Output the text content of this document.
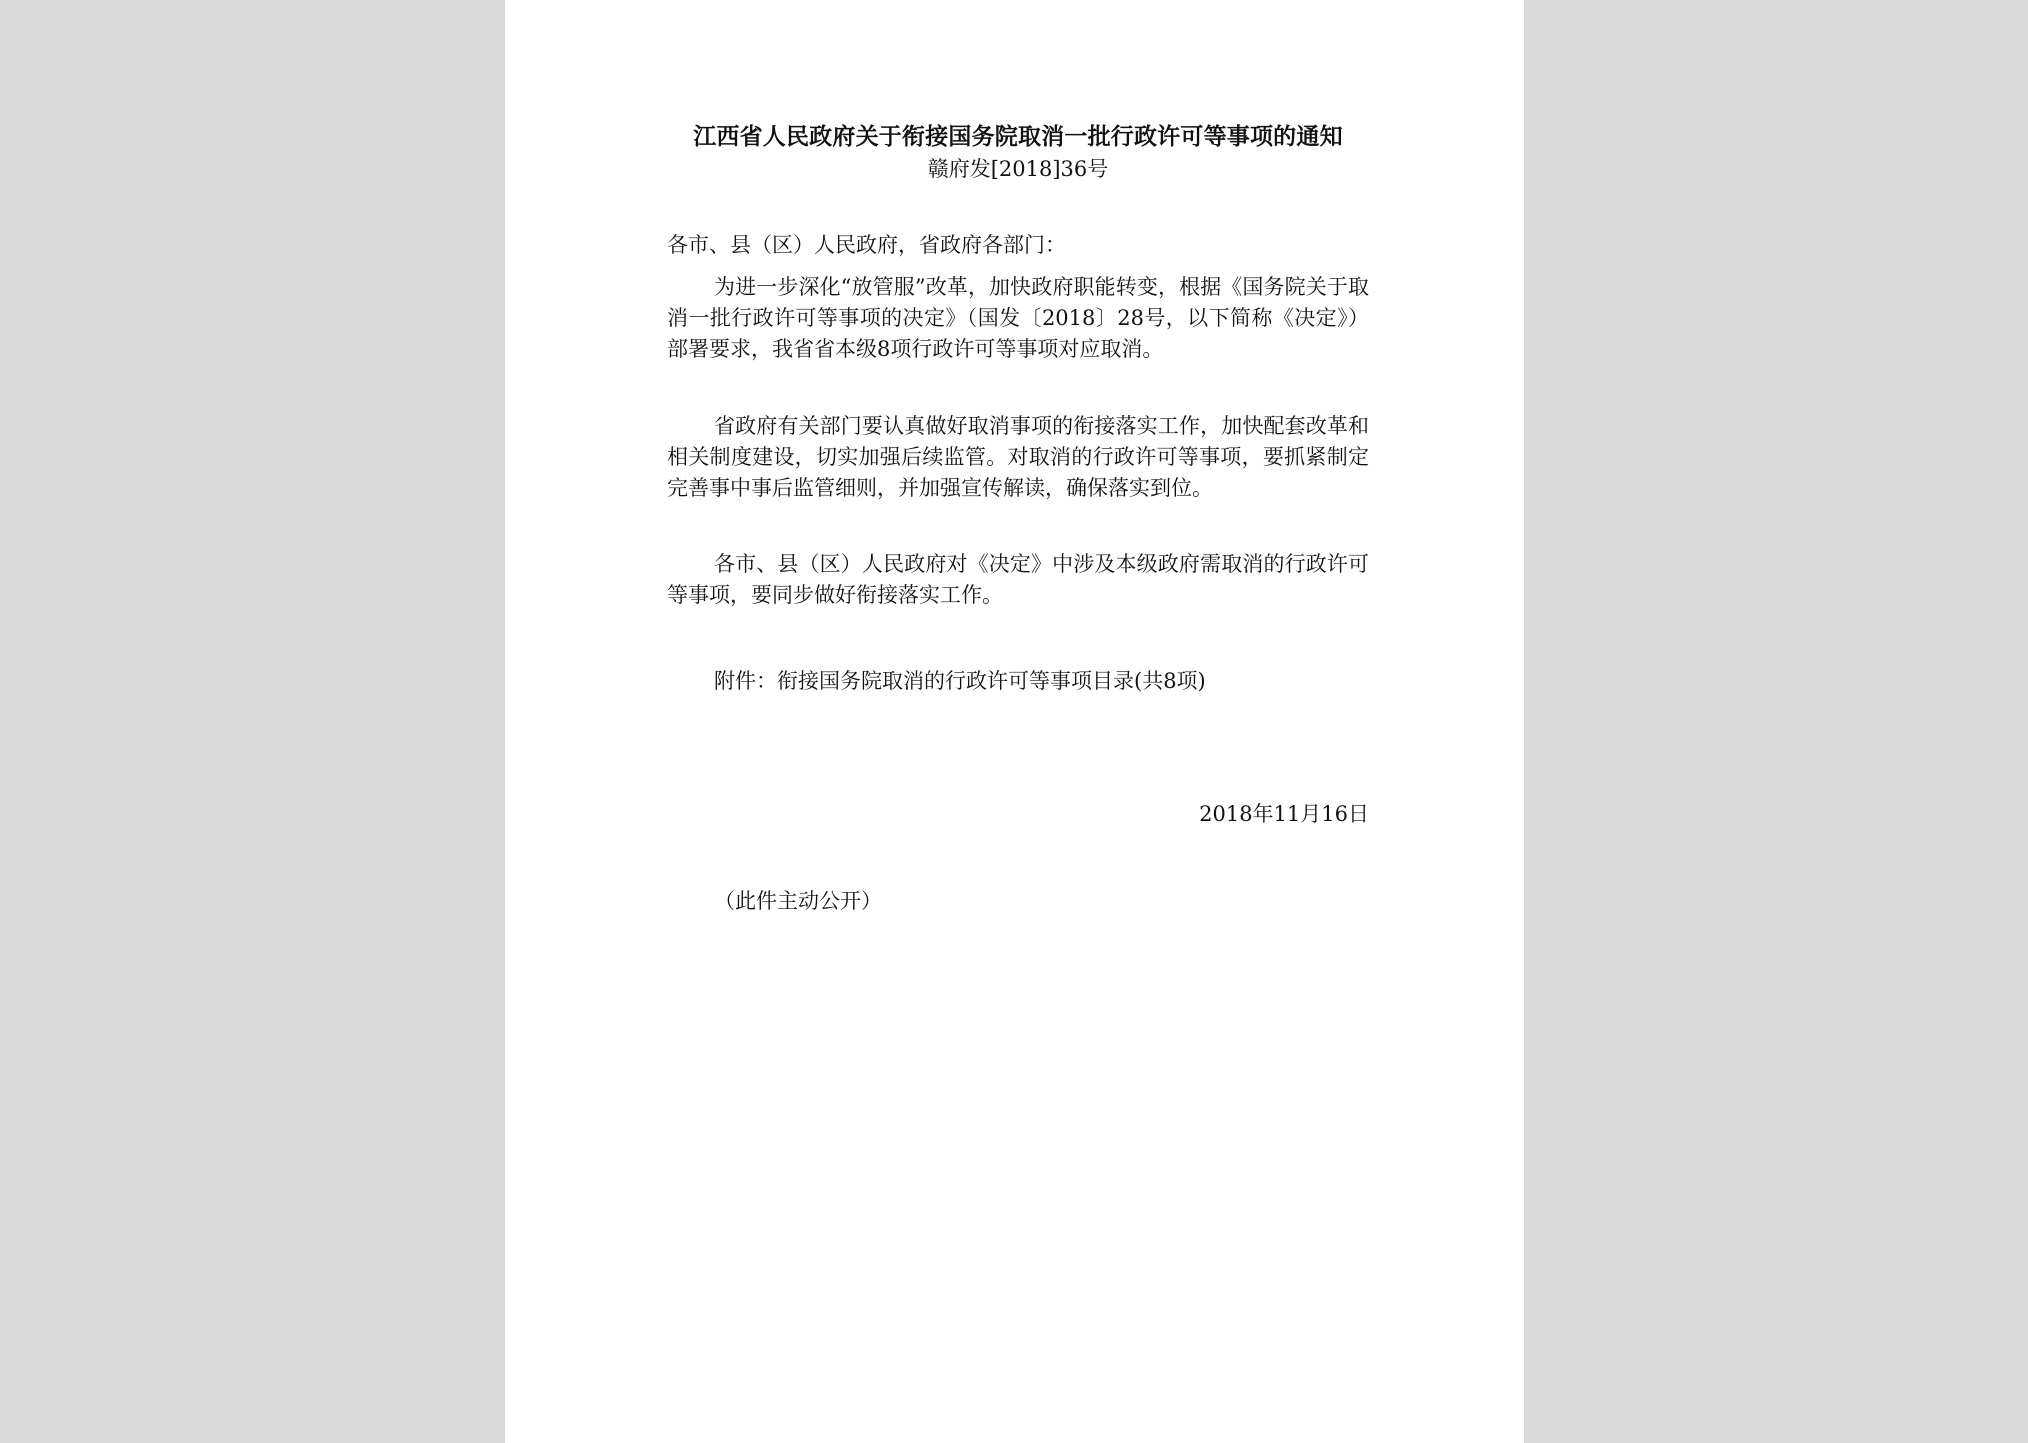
江西省人民政府关于衔接国务院取消一批行政许可等事项的通知
赣府发[2018]36号
各市、县（区）人民政府，省政府各部门：
为进一步深化“放管服”改革，加快政府职能转变，根据《国务院关于取消一批行政许可等事项的决定》（国发〔2018〕28号，以下简称《决定》）部署要求，我省省本级8项行政许可等事项对应取消。
省政府有关部门要认真做好取消事项的衔接落实工作，加快配套改革和相关制度建设，切实加强后续监管。对取消的行政许可等事项，要抓紧制定完善事中事后监管细则，并加强宣传解读，确保落实到位。
各市、县（区）人民政府对《决定》中涉及本级政府需取消的行政许可等事项，要同步做好衔接落实工作。
附件：衔接国务院取消的行政许可等事项目录(共8项)
2018年11月16日
（此件主动公开）
